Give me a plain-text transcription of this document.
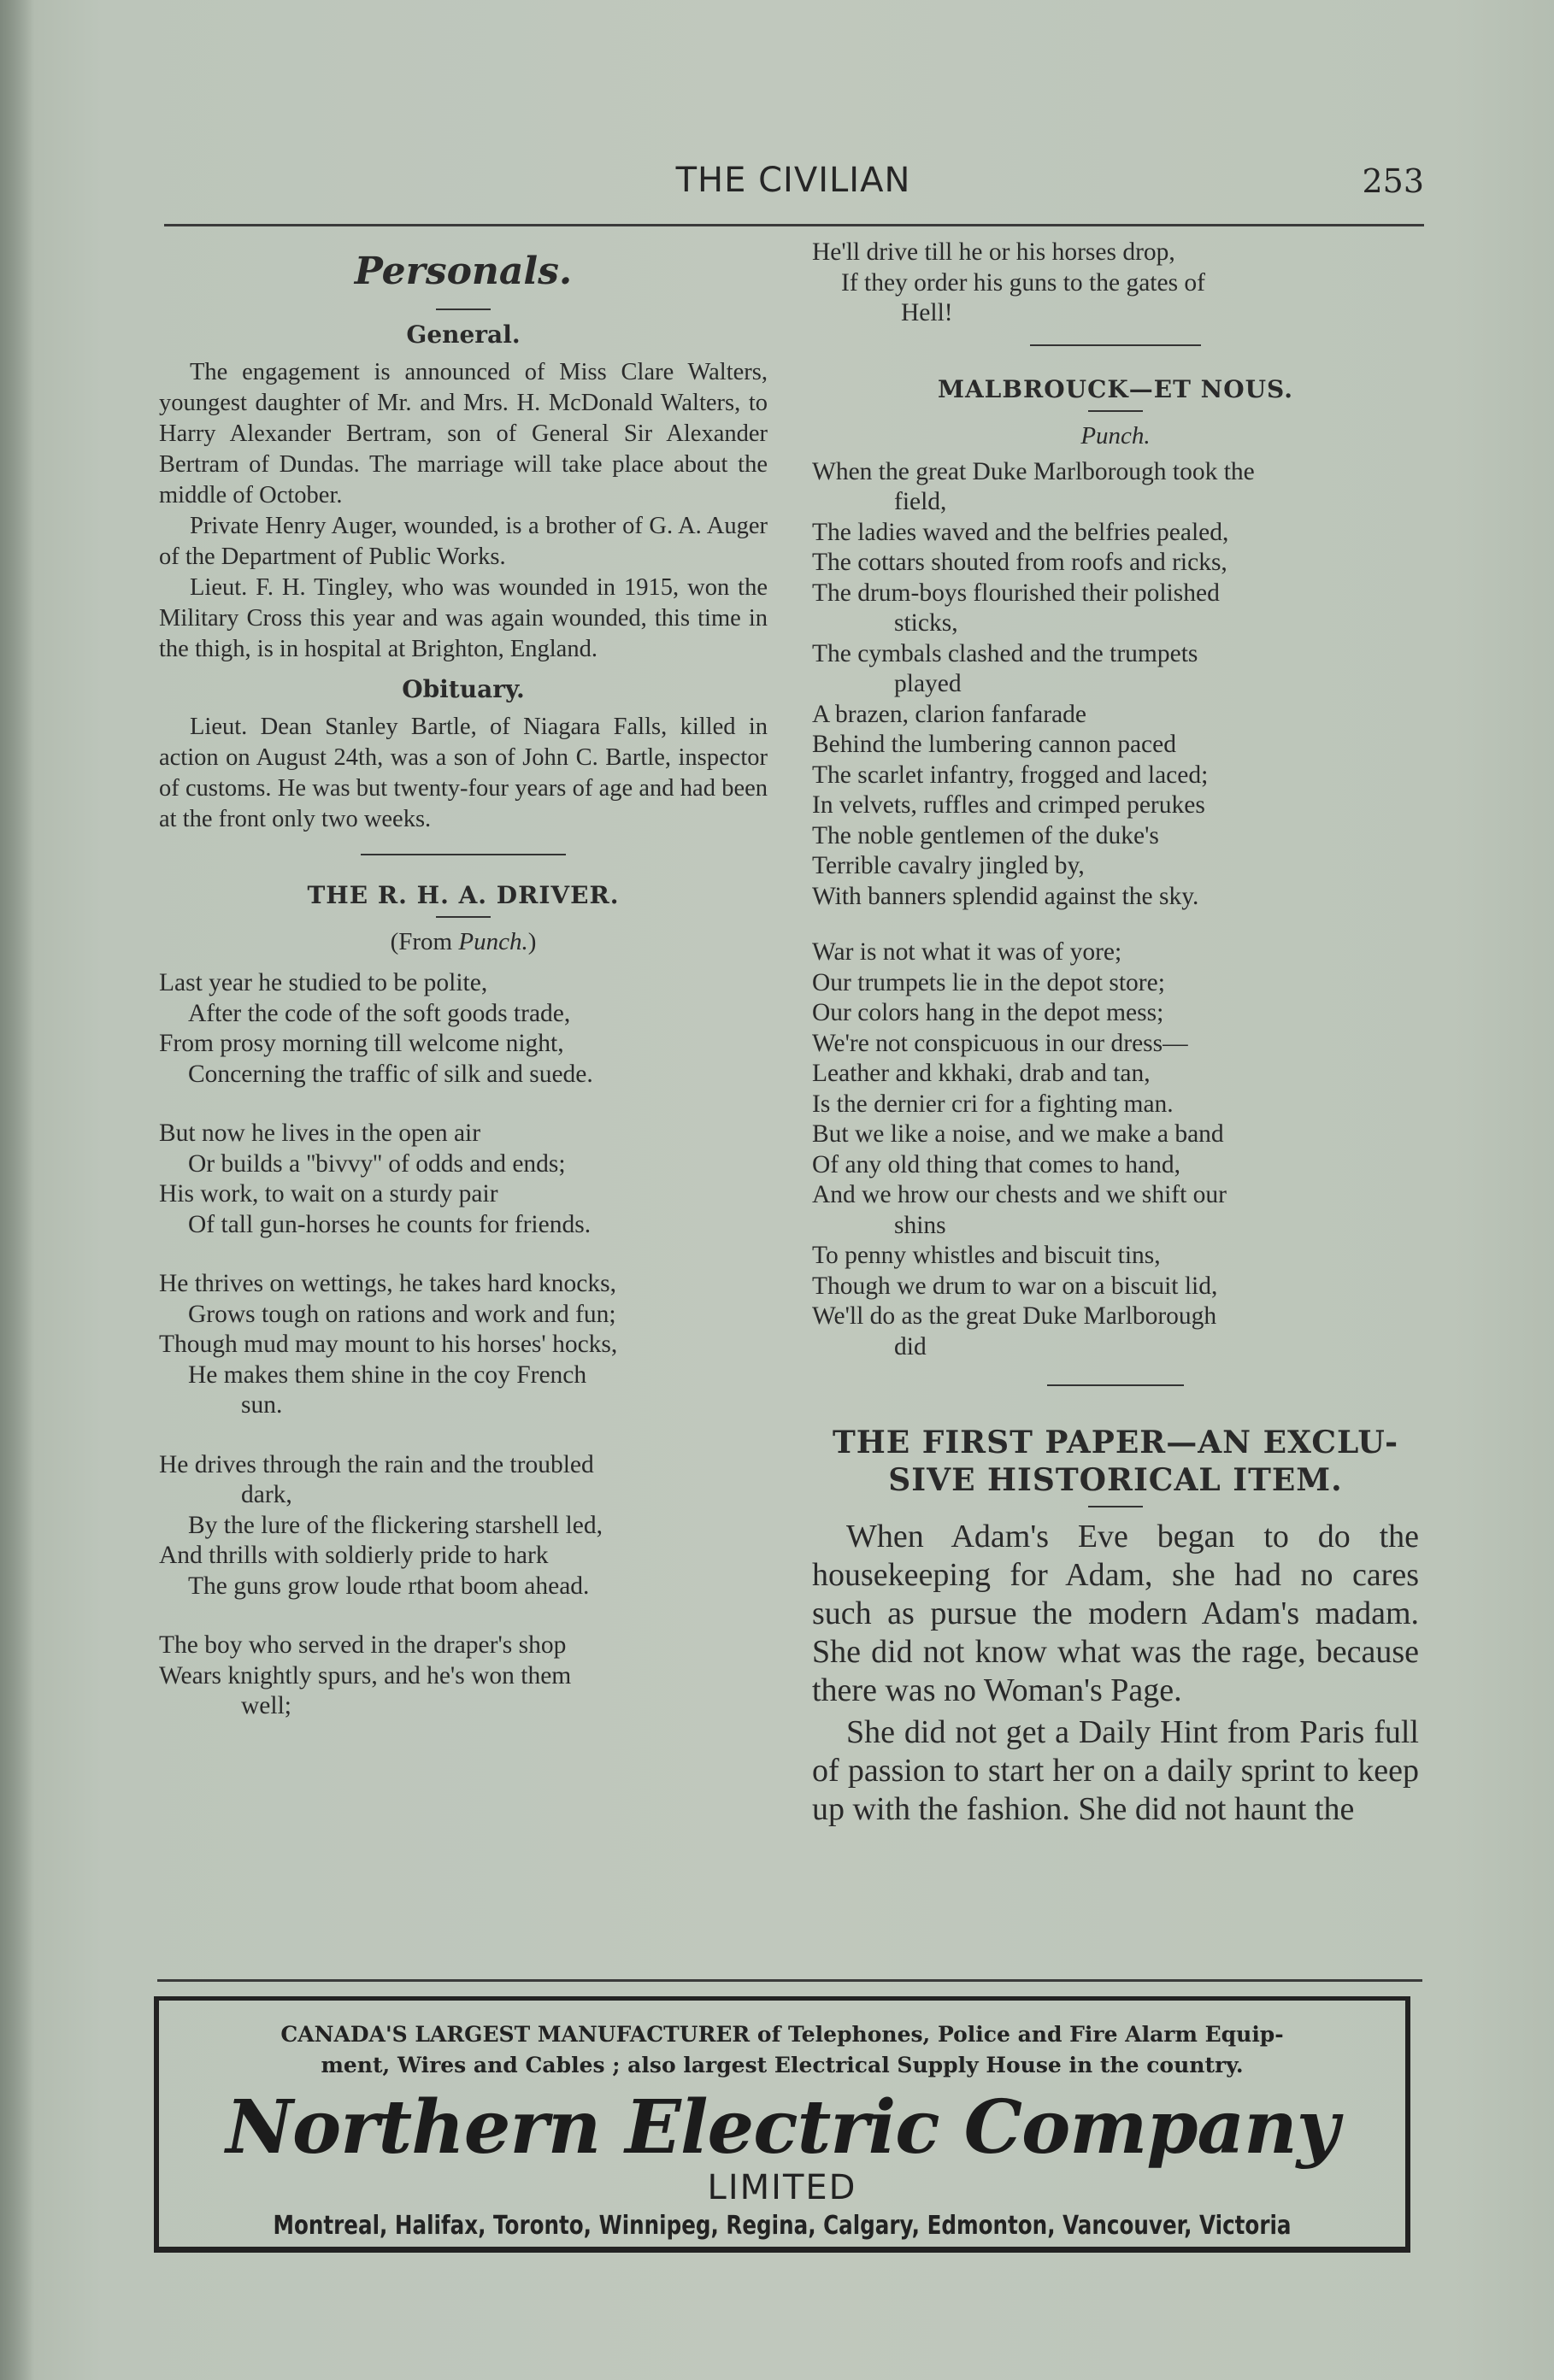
THE CIVILIAN	253
Personals.
General.

The engagement is announced of Miss Clare Walters, youngest daughter of Mr. and Mrs. H. McDonald Walters, to Harry Alexander Bertram, son of General Sir Alexander Bertram of Dundas. The marriage will take place about the middle of October.

Private Henry Auger, wounded, is a brother of G. A. Auger of the Department of Public Works.

Lieut. F. H. Tingley, who was wounded in 1915, won the Military Cross this year and was again wounded, this time in the thigh, is in hospital at Brighton, England.

Obituary.

Lieut. Dean Stanley Bartle, of Niagara Falls, killed in action on August 24th, was a son of John C. Bartle, inspector of customs. He was but twenty-four years of age and had been at the front only two weeks.

THE R. H. A. DRIVER.
(From Punch.)
Last year he studied to be polite,
After the code of the soft goods trade,
From prosy morning till welcome night,
Concerning the traffic of silk and suede.
But now he lives in the open air
Or builds a ''bivvy'' of odds and ends;
His work, to wait on a sturdy pair
Of tall gun-horses he counts for friends.
He thrives on wettings, he takes hard knocks,
Grows tough on rations and work and fun;
Though mud may mount to his horses' hocks,
He makes them shine in the coy French
sun.
He drives through the rain and the troubled
dark,
By the lure of the flickering starshell led,
And thrills with soldierly pride to hark
The guns grow loude rthat boom ahead.
The boy who served in the draper's shop
Wears knightly spurs, and he's won them
well;
He'll drive till he or his horses drop,
If they order his guns to the gates of
Hell!
MALBROUCK—ET NOUS.
Punch.
When the great Duke Marlborough took the
field,
The ladies waved and the belfries pealed,
The cottars shouted from roofs and ricks,
The drum-boys flourished their polished
sticks,
The cymbals clashed and the trumpets
played
A brazen, clarion fanfarade
Behind the lumbering cannon paced
The scarlet infantry, frogged and laced;
In velvets, ruffles and crimped perukes
The noble gentlemen of the duke's
Terrible cavalry jingled by,
With banners splendid against the sky.
War is not what it was of yore;
Our trumpets lie in the depot store;
Our colors hang in the depot mess;
We're not conspicuous in our dress—
Leather and kkhaki, drab and tan,
Is the dernier cri for a fighting man.
But we like a noise, and we make a band
Of any old thing that comes to hand,
And we hrow our chests and we shift our
shins
To penny whistles and biscuit tins,
Though we drum to war on a biscuit lid,
We'll do as the great Duke Marlborough
did
THE FIRST PAPER—AN EXCLU-
SIVE HISTORICAL ITEM.

When Adam's Eve began to do the housekeeping for Adam, she had no cares such as pursue the modern Adam's madam. She did not know what was the rage, because there was no Woman's Page.

She did not get a Daily Hint from Paris full of passion to start her on a daily sprint to keep up with the fashion. She did not haunt the

CANADA'S LARGEST MANUFACTURER of Telephones, Police and Fire Alarm Equip-
ment, Wires and Cables ; also largest Electrical Supply House in the country.
Northern Electric Company
LIMITED
Montreal, Halifax, Toronto, Winnipeg, Regina, Calgary, Edmonton, Vancouver, Victoria
